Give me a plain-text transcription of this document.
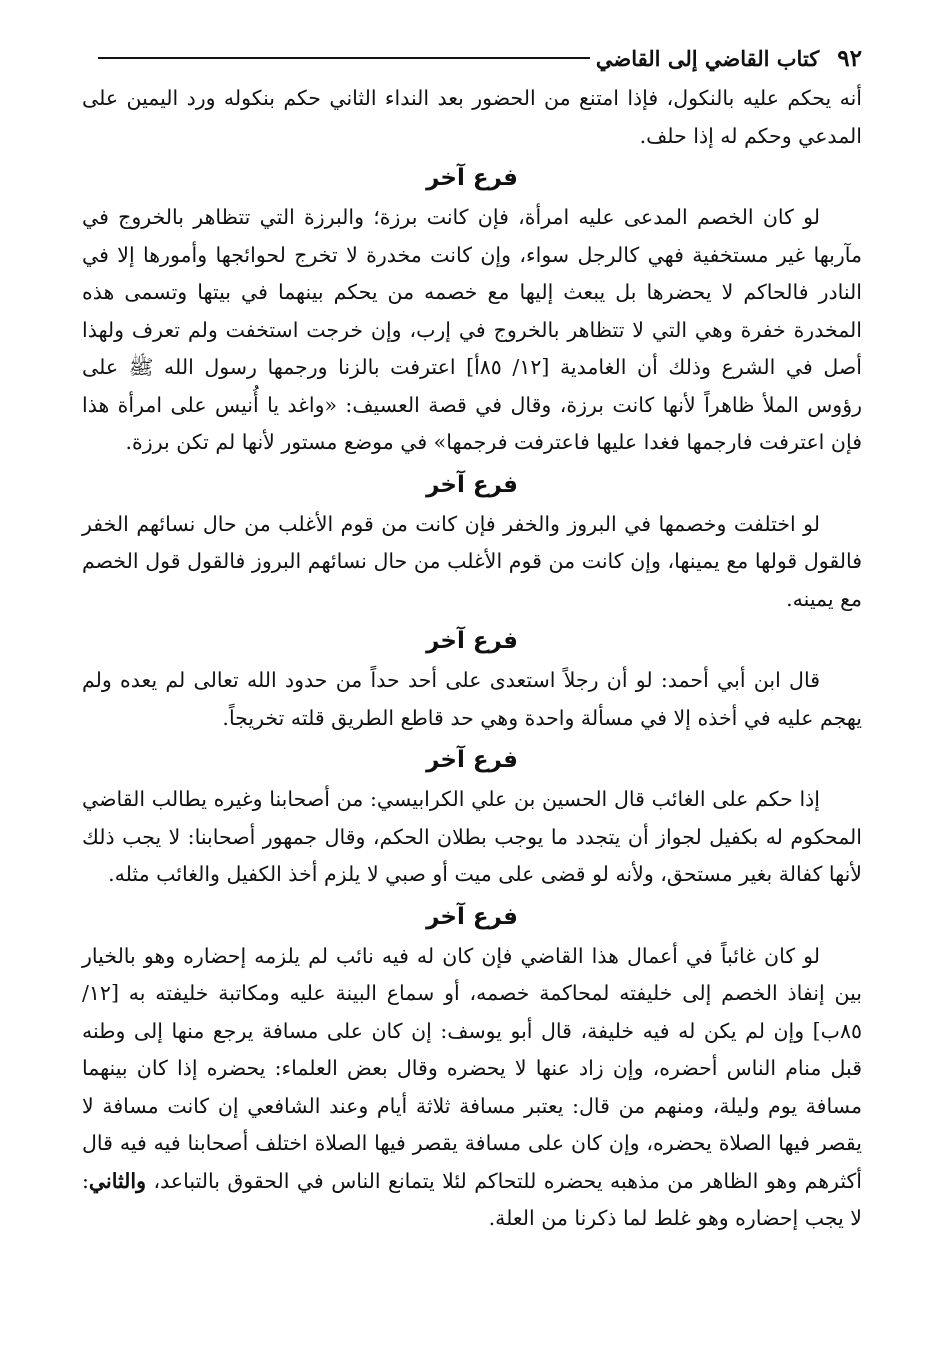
٩٢
كتاب القاضي إلى القاضي

أنه يحكم عليه بالنكول، فإذا امتنع من الحضور بعد النداء الثاني حكم بنكوله ورد اليمين على المدعي وحكم له إذا حلف.

فرع آخر

لو كان الخصم المدعى عليه امرأة، فإن كانت برزة؛ والبرزة التي تتظاهر بالخروج في مآربها غير مستخفية فهي كالرجل سواء، وإن كانت مخدرة لا تخرج لحوائجها وأمورها إلا في النادر فالحاكم لا يحضرها بل يبعث إليها مع خصمه من يحكم بينهما في بيتها وتسمى هذه المخدرة خفرة وهي التي لا تتظاهر بالخروج في إرب، وإن خرجت استخفت ولم تعرف ولهذا أصل في الشرع وذلك أن الغامدية [١٢/ ٨٥أ] اعترفت بالزنا ورجمها رسول الله ﷺ على رؤوس الملأ ظاهراً لأنها كانت برزة، وقال في قصة العسيف: «واغد يا أُنيس على امرأة هذا فإن اعترفت فارجمها فغدا عليها فاعترفت فرجمها» في موضع مستور لأنها لم تكن برزة.

فرع آخر

لو اختلفت وخصمها في البروز والخفر فإن كانت من قوم الأغلب من حال نسائهم الخفر فالقول قولها مع يمينها، وإن كانت من قوم الأغلب من حال نسائهم البروز فالقول قول الخصم مع يمينه.

فرع آخر

قال ابن أبي أحمد: لو أن رجلاً استعدى على أحد حداً من حدود الله تعالى لم يعده ولم يهجم عليه في أخذه إلا في مسألة واحدة وهي حد قاطع الطريق قلته تخريجاً.

فرع آخر

إذا حكم على الغائب قال الحسين بن علي الكرابيسي: من أصحابنا وغيره يطالب القاضي المحكوم له بكفيل لجواز أن يتجدد ما يوجب بطلان الحكم، وقال جمهور أصحابنا: لا يجب ذلك لأنها كفالة بغير مستحق، ولأنه لو قضى على ميت أو صبي لا يلزم أخذ الكفيل والغائب مثله.

فرع آخر

لو كان غائباً في أعمال هذا القاضي فإن كان له فيه نائب لم يلزمه إحضاره وهو بالخيار بين إنفاذ الخصم إلى خليفته لمحاكمة خصمه، أو سماع البينة عليه ومكاتبة خليفته به [١٢/ ٨٥ب] وإن لم يكن له فيه خليفة، قال أبو يوسف: إن كان على مسافة يرجع منها إلى وطنه قبل منام الناس أحضره، وإن زاد عنها لا يحضره وقال بعض العلماء: يحضره إذا كان بينهما مسافة يوم وليلة، ومنهم من قال: يعتبر مسافة ثلاثة أيام وعند الشافعي إن كانت مسافة لا يقصر فيها الصلاة يحضره، وإن كان على مسافة يقصر فيها الصلاة اختلف أصحابنا فيه فيه قال أكثرهم وهو الظاهر من مذهبه يحضره للتحاكم لئلا يتمانع الناس في الحقوق بالتباعد، والثاني: لا يجب إحضاره وهو غلط لما ذكرنا من العلة.
